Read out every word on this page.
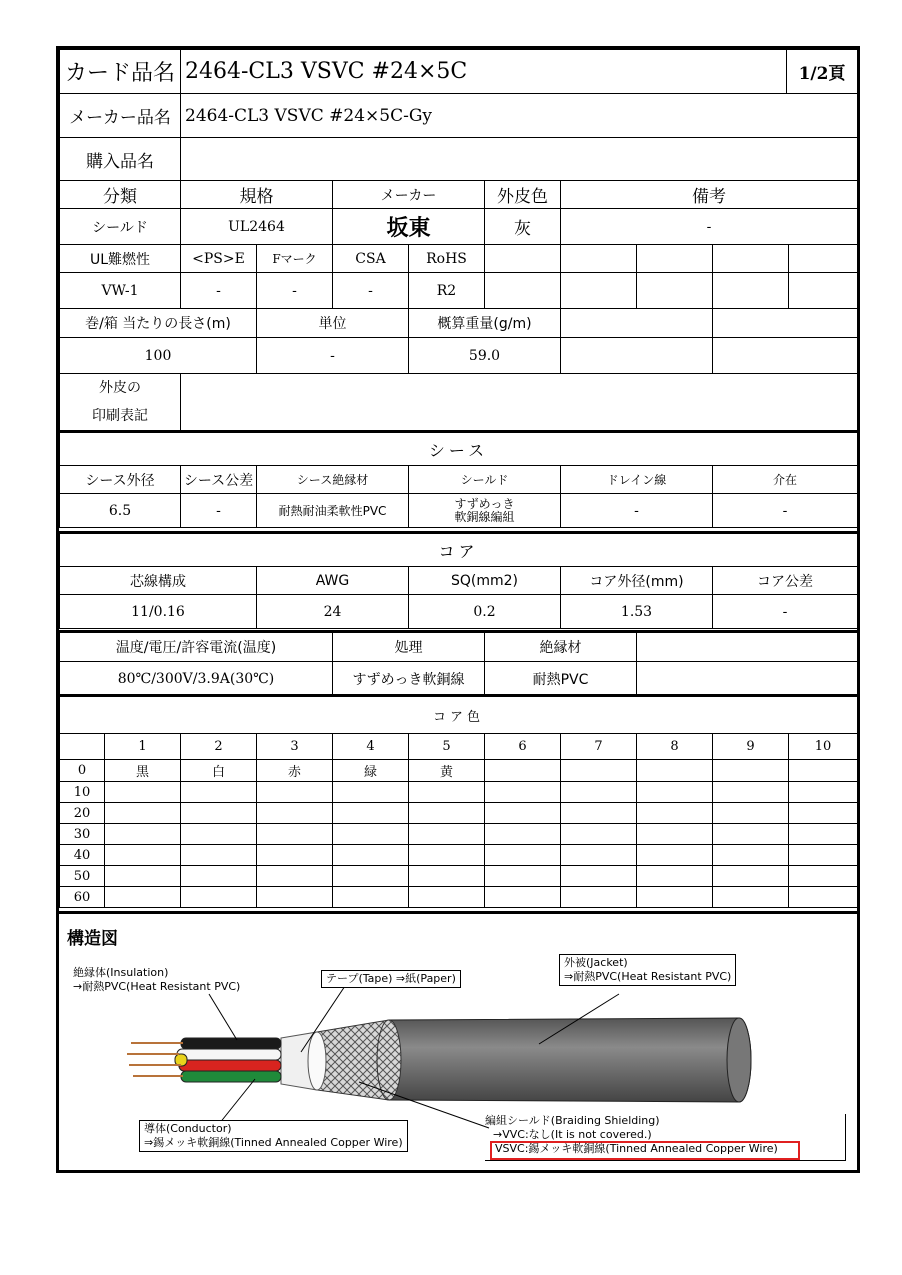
カード品名	2464-CL3 VSVC #24×5C	1/2頁
メーカー品名	2464-CL3 VSVC #24×5C-Gy
購入品名	
分類	規格	メーカー	外皮色	備考
シールド	UL2464	坂東	灰	-
UL難燃性	<PS>E	Fマーク	CSA	RoHS					
VW-1	-	-	-	R2					
巻/箱 当たりの長さ(m)	単位	概算重量(g/m)		
100	-	59.0		
外皮の
印刷表記

シース					
シース外径	シース公差	シース絶縁材	シールド	ドレイン線	介在
6.5	-	耐熱耐油柔軟性PVC	すずめっき
軟銅線編組	-	-
コア				
芯線構成	AWG	SQ(mm2)	コア外径(mm)	コア公差
11/0.16	24	0.2	1.53	-
温度/電圧/許容電流(温度)	処理	絶縁材	
80℃/300V/3.9A(30℃)	すずめっき軟銅線	耐熱PVC	
コア色										
	1	2	3	4	5	6	7	8	9	10
0	黒	白	赤	緑	黄					
10										
20										
30										
40										
50										
60										
構造図
絶縁体(Insulation)
→耐熱PVC(Heat Resistant PVC)
テープ(Tape) ⇒紙(Paper)
外被(Jacket)
⇒耐熱PVC(Heat Resistant PVC)
導体(Conductor)
⇒錫メッキ軟銅線(Tinned Annealed Copper Wire)
編組シールド(Braiding Shielding)
→VVC:なし(It is not covered.)
VSVC:錫メッキ軟銅線(Tinned Annealed Copper Wire)
